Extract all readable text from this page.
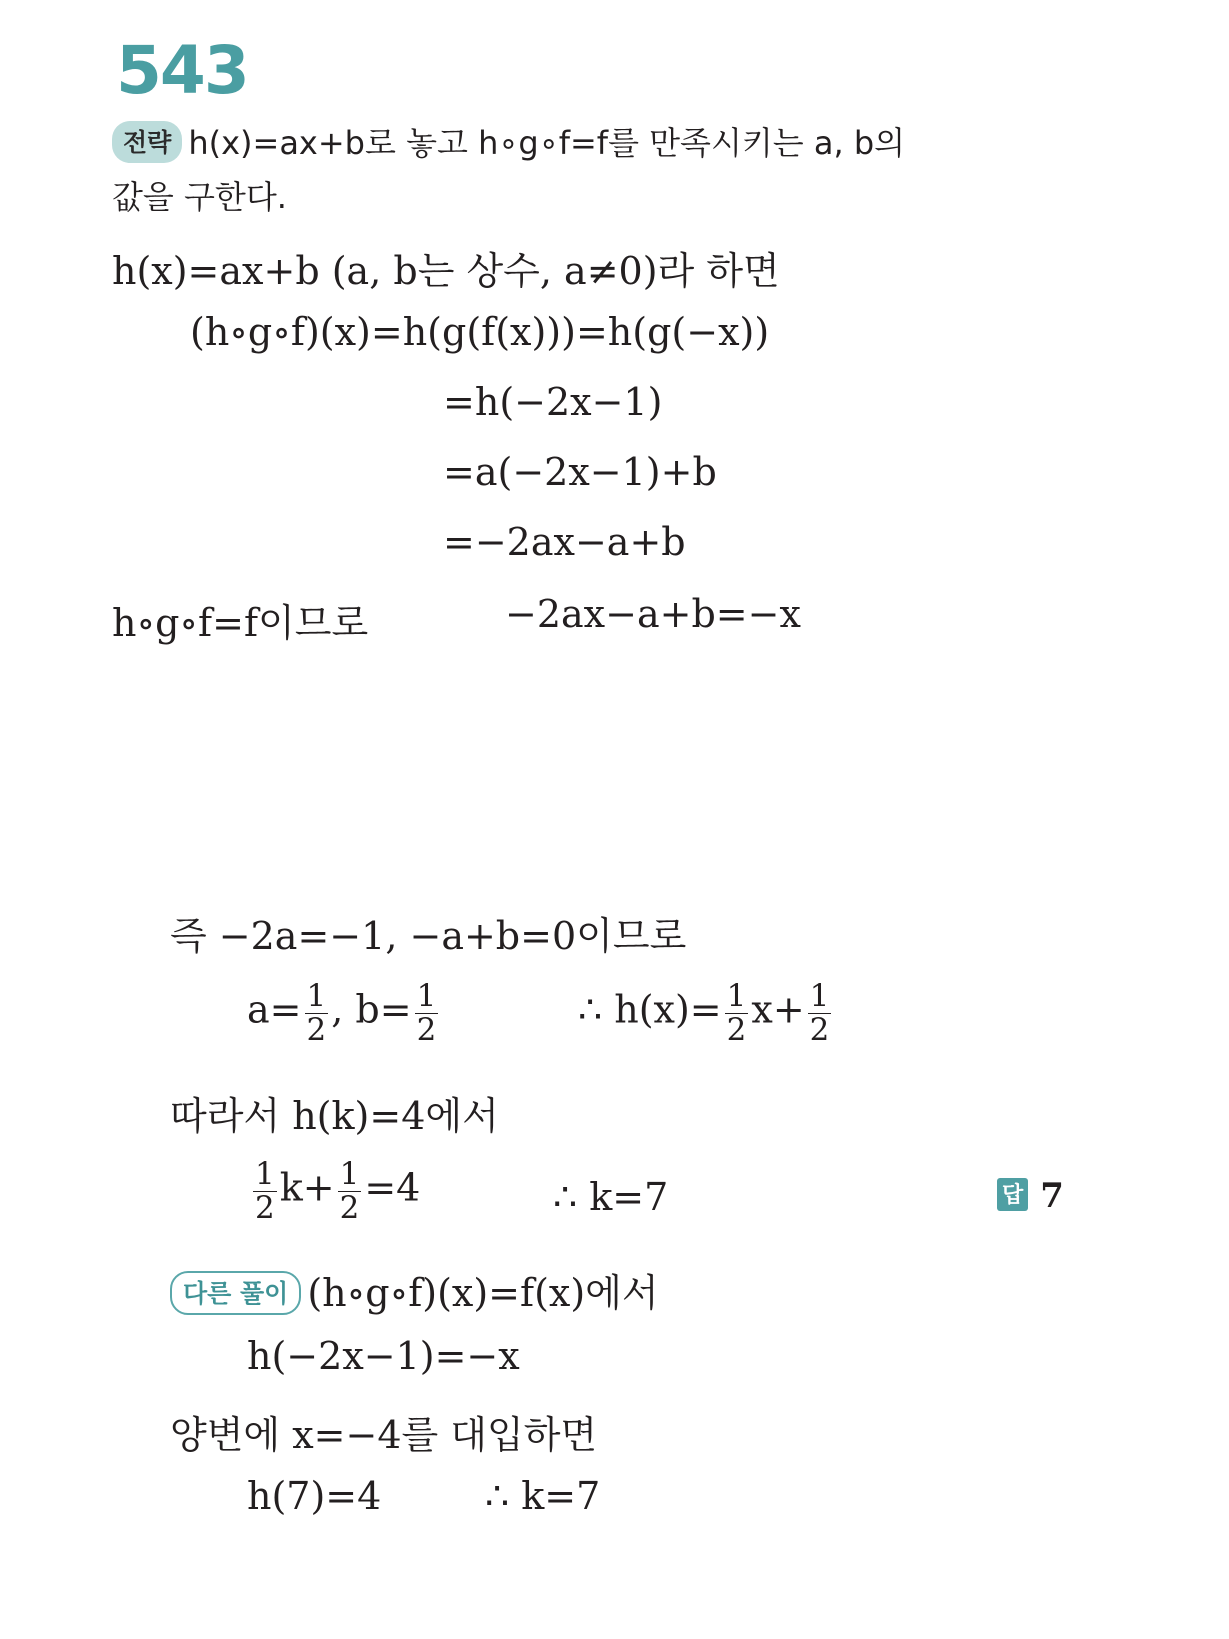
543
전략 h(x)=ax+b로 놓고 h∘g∘f=f를 만족시키는 a, b의
값을 구한다.
h(x)=ax+b (a, b는 상수, a≠0)라 하면
(h∘g∘f)(x)=h(g(f(x)))=h(g(−x))
=h(−2x−1)
=a(−2x−1)+b
=−2ax−a+b
h∘g∘f=f이므로	−2ax−a+b=−x
즉 −2a=−1, −a+b=0이므로
$a= \frac{1}{2}$ , $b= \frac{1}{2}$	∴ $h(x)= \frac{1}{2} x+ \frac{1}{2}$
따라서 h(k)=4에서
$\frac{1}{2} k+ \frac{1}{2} =4$	∴ k=7	답 7
다른 풀이 (h∘g∘f)(x)=f(x)에서
h(−2x−1)=−x
양변에 x=−4를 대입하면
h(7)=4	∴ k=7
